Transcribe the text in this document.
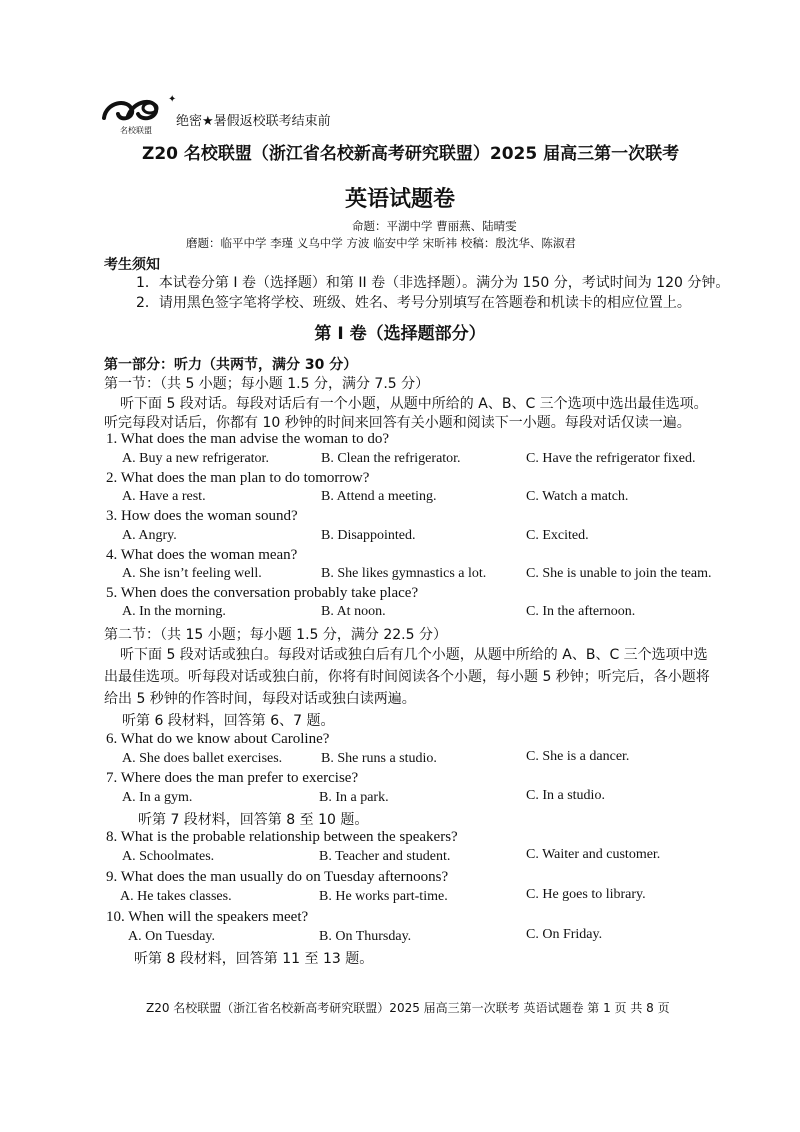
✦
名校联盟
绝密★暑假返校联考结束前
Z20 名校联盟（浙江省名校新高考研究联盟）2025 届高三第一次联考
英语试题卷
命题：平湖中学 曹丽燕、陆晴雯
磨题：临平中学 李瑾 义乌中学 方波 临安中学 宋昕祎 校稿：殷沈华、陈淑君
考生须知
1．本试卷分第 I 卷（选择题）和第 II 卷（非选择题）。满分为 150 分，考试时间为 120 分钟。
2．请用黑色签字笔将学校、班级、姓名、考号分别填写在答题卷和机读卡的相应位置上。
第 I 卷（选择题部分）
第一部分：听力（共两节，满分 30 分）
第一节：（共 5 小题；每小题 1.5 分，满分 7.5 分）
听下面 5 段对话。每段对话后有一个小题，从题中所给的 A、B、C 三个选项中选出最佳选项。
听完每段对话后，你都有 10 秒钟的时间来回答有关小题和阅读下一小题。每段对话仅读一遍。
1. What does the man advise the woman to do?
A. Buy a new refrigerator.	B. Clean the refrigerator.	C. Have the refrigerator fixed.
2. What does the man plan to do tomorrow?
A. Have a rest.	B. Attend a meeting.	C. Watch a match.
3. How does the woman sound?
A. Angry.	B. Disappointed.	C. Excited.
4. What does the woman mean?
A. She isn’t feeling well.	B. She likes gymnastics a lot.	C. She is unable to join the team.
5. When does the conversation probably take place?
A. In the morning.	B. At noon.	C. In the afternoon.
第二节：（共 15 小题；每小题 1.5 分，满分 22.5 分）
听下面 5 段对话或独白。每段对话或独白后有几个小题，从题中所给的 A、B、C 三个选项中选
出最佳选项。听每段对话或独白前，你将有时间阅读各个小题，每小题 5 秒钟；听完后，各小题将
给出 5 秒钟的作答时间，每段对话或独白读两遍。
听第 6 段材料，回答第 6、7 题。
6. What do we know about Caroline?
A. She does ballet exercises.	B. She runs a studio.	C. She is a dancer.
7. Where does the man prefer to exercise?
A. In a gym.	B. In a park.	C. In a studio.
听第 7 段材料，回答第 8 至 10 题。
8. What is the probable relationship between the speakers?
A. Schoolmates.	B. Teacher and student.	C. Waiter and customer.
9. What does the man usually do on Tuesday afternoons?
A. He takes classes.	B. He works part-time.	C. He goes to library.
10. When will the speakers meet?
A. On Tuesday.	B. On Thursday.	C. On Friday.
听第 8 段材料，回答第 11 至 13 题。
Z20 名校联盟（浙江省名校新高考研究联盟）2025 届高三第一次联考 英语试题卷 第 1 页 共 8 页
